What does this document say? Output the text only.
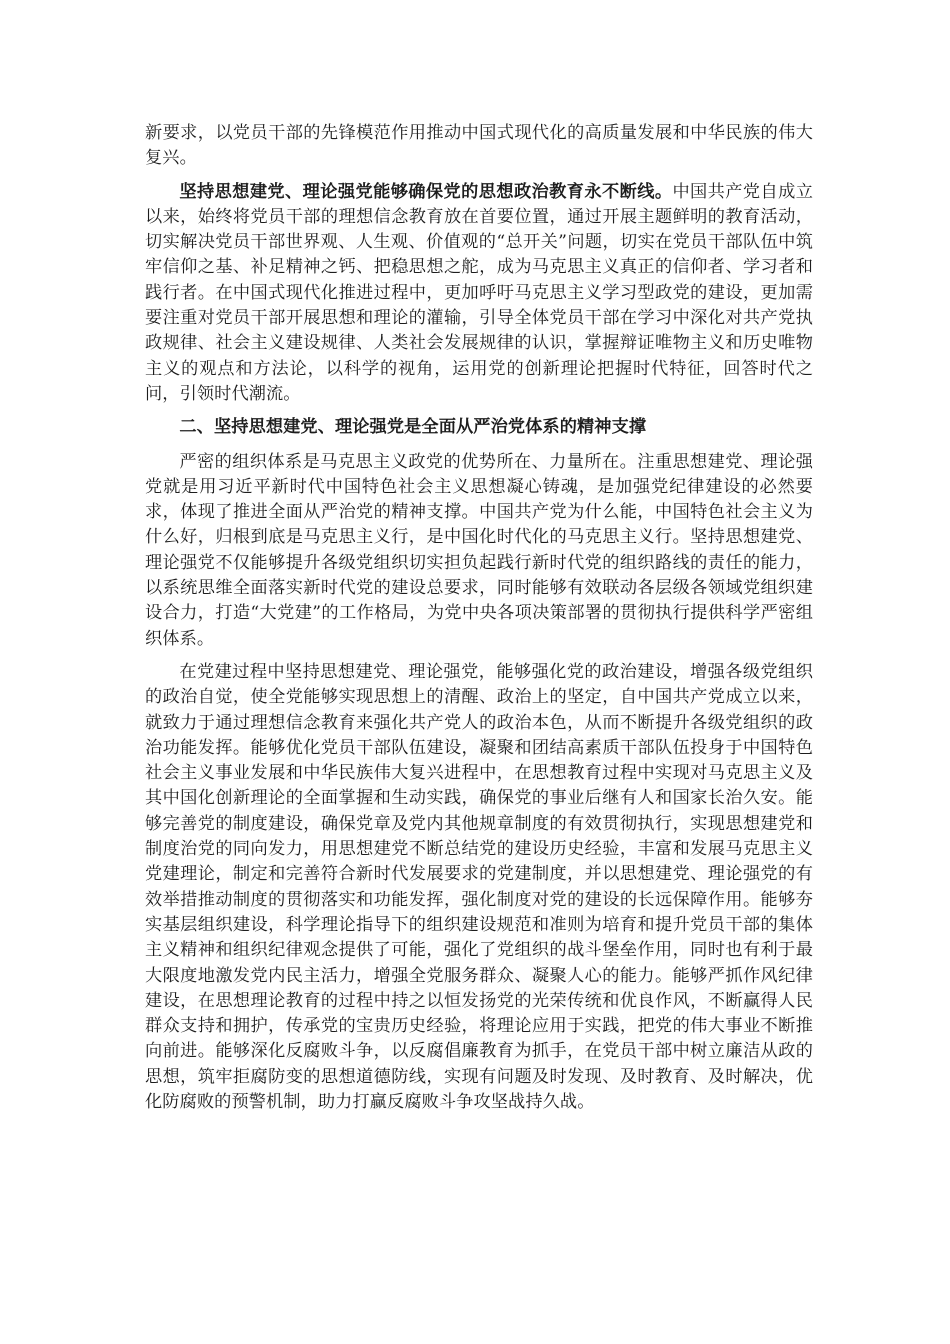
新要求，以党员干部的先锋模范作用推动中国式现代化的高质量发展和中华民族的伟大复兴。

坚持思想建党、理论强党能够确保党的思想政治教育永不断线。中国共产党自成立以来，始终将党员干部的理想信念教育放在首要位置，通过开展主题鲜明的教育活动，切实解决党员干部世界观、人生观、价值观的“总开关”问题，切实在党员干部队伍中筑牢信仰之基、补足精神之钙、把稳思想之舵，成为马克思主义真正的信仰者、学习者和践行者。在中国式现代化推进过程中，更加呼吁马克思主义学习型政党的建设，更加需要注重对党员干部开展思想和理论的灌输，引导全体党员干部在学习中深化对共产党执政规律、社会主义建设规律、人类社会发展规律的认识，掌握辩证唯物主义和历史唯物主义的观点和方法论，以科学的视角，运用党的创新理论把握时代特征，回答时代之问，引领时代潮流。

二、坚持思想建党、理论强党是全面从严治党体系的精神支撑

严密的组织体系是马克思主义政党的优势所在、力量所在。注重思想建党、理论强党就是用习近平新时代中国特色社会主义思想凝心铸魂，是加强党纪律建设的必然要求，体现了推进全面从严治党的精神支撑。中国共产党为什么能，中国特色社会主义为什么好，归根到底是马克思主义行，是中国化时代化的马克思主义行。坚持思想建党、理论强党不仅能够提升各级党组织切实担负起践行新时代党的组织路线的责任的能力，以系统思维全面落实新时代党的建设总要求，同时能够有效联动各层级各领域党组织建设合力，打造“大党建”的工作格局，为党中央各项决策部署的贯彻执行提供科学严密组织体系。

在党建过程中坚持思想建党、理论强党，能够强化党的政治建设，增强各级党组织的政治自觉，使全党能够实现思想上的清醒、政治上的坚定，自中国共产党成立以来，就致力于通过理想信念教育来强化共产党人的政治本色，从而不断提升各级党组织的政治功能发挥。能够优化党员干部队伍建设，凝聚和团结高素质干部队伍投身于中国特色社会主义事业发展和中华民族伟大复兴进程中，在思想教育过程中实现对马克思主义及其中国化创新理论的全面掌握和生动实践，确保党的事业后继有人和国家长治久安。能够完善党的制度建设，确保党章及党内其他规章制度的有效贯彻执行，实现思想建党和制度治党的同向发力，用思想建党不断总结党的建设历史经验，丰富和发展马克思主义党建理论，制定和完善符合新时代发展要求的党建制度，并以思想建党、理论强党的有效举措推动制度的贯彻落实和功能发挥，强化制度对党的建设的长远保障作用。能够夯实基层组织建设，科学理论指导下的组织建设规范和准则为培育和提升党员干部的集体主义精神和组织纪律观念提供了可能，强化了党组织的战斗堡垒作用，同时也有利于最大限度地激发党内民主活力，增强全党服务群众、凝聚人心的能力。能够严抓作风纪律建设，在思想理论教育的过程中持之以恒发扬党的光荣传统和优良作风，不断赢得人民群众支持和拥护，传承党的宝贵历史经验，将理论应用于实践，把党的伟大事业不断推向前进。能够深化反腐败斗争，以反腐倡廉教育为抓手，在党员干部中树立廉洁从政的思想，筑牢拒腐防变的思想道德防线，实现有问题及时发现、及时教育、及时解决，优化防腐败的预警机制，助力打赢反腐败斗争攻坚战持久战。
